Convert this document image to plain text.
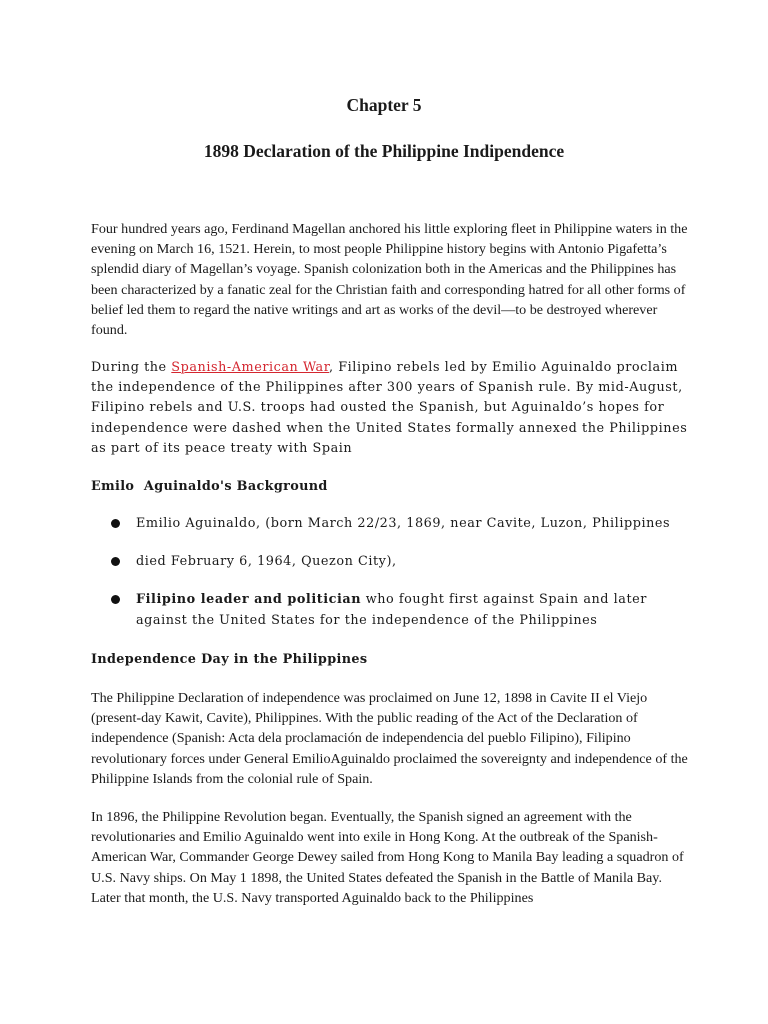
Chapter 5
1898 Declaration of the Philippine Indipendence

Four hundred years ago, Ferdinand Magellan anchored his little exploring fleet in Philippine waters in the evening on March 16, 1521. Herein, to most people Philippine history begins with Antonio Pigafetta’s splendid diary of Magellan’s voyage. Spanish colonization both in the Americas and the Philippines has been characterized by a fanatic zeal for the Christian faith and corresponding hatred for all other forms of belief led them to regard the native writings and art as works of the devil—to be destroyed wherever found.

During the Spanish-American War, Filipino rebels led by Emilio Aguinaldo proclaim the independence of the Philippines after 300 years of Spanish rule. By mid-August, Filipino rebels and U.S. troops had ousted the Spanish, but Aguinaldo’s hopes for independence were dashed when the United States formally annexed the Philippines as part of its peace treaty with Spain

Emilo  Aguinaldo's Background
Emilio Aguinaldo, (born March 22/23, 1869, near Cavite, Luzon, Philippines
died February 6, 1964, Quezon City),
Filipino leader and politician who fought first against Spain and later against the United States for the independence of the Philippines
Independence Day in the Philippines

The Philippine Declaration of independence was proclaimed on June 12, 1898 in Cavite II el Viejo (present-day Kawit, Cavite), Philippines. With the public reading of the Act of the Declaration of independence (Spanish: Acta dela proclamación de independencia del pueblo Filipino), Filipino revolutionary forces under General EmilioAguinaldo proclaimed the sovereignty and independence of the Philippine Islands from the colonial rule of Spain.

In 1896, the Philippine Revolution began. Eventually, the Spanish signed an agreement with the revolutionaries and Emilio Aguinaldo went into exile in Hong Kong. At the outbreak of the Spanish-American War, Commander George Dewey sailed from Hong Kong to Manila Bay leading a squadron of U.S. Navy ships. On May 1 1898, the United States defeated the Spanish in the Battle of Manila Bay. Later that month, the U.S. Navy transported Aguinaldo back to the Philippines
